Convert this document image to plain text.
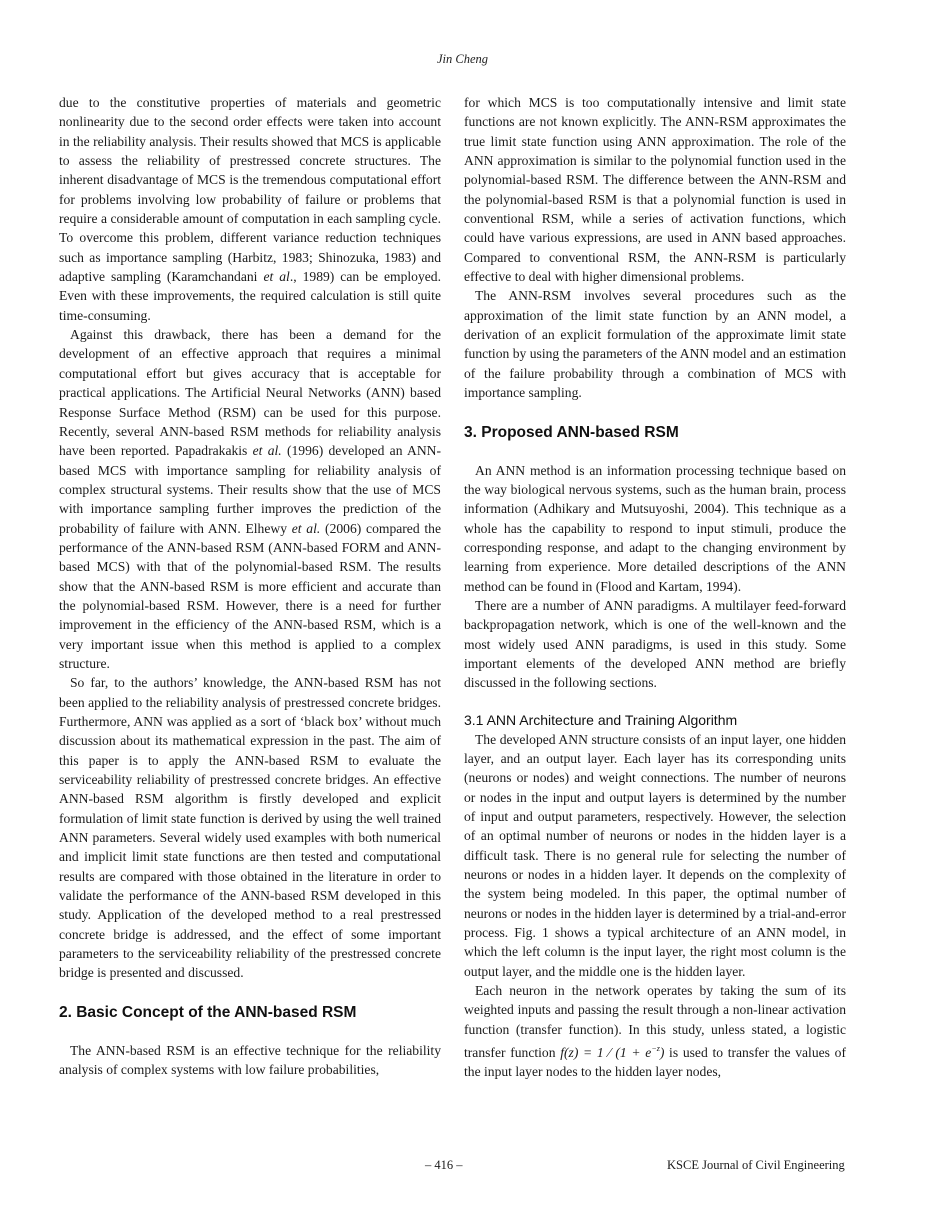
Jin Cheng

due to the constitutive properties of materials and geometric nonlinearity due to the second order effects were taken into account in the reliability analysis. Their results showed that MCS is applicable to assess the reliability of prestressed concrete structures. The inherent disadvantage of MCS is the tremendous computational effort for problems involving low probability of failure or problems that require a considerable amount of computation in each sampling cycle. To overcome this problem, different variance reduction techniques such as importance sampling (Harbitz, 1983; Shinozuka, 1983) and adaptive sampling (Karamchandani et al., 1989) can be employed. Even with these improvements, the required calculation is still quite time-consuming.

Against this drawback, there has been a demand for the development of an effective approach that requires a minimal computational effort but gives accuracy that is acceptable for practical applications. The Artificial Neural Networks (ANN) based Response Surface Method (RSM) can be used for this purpose. Recently, several ANN-based RSM methods for reliability analysis have been reported. Papadrakakis et al. (1996) developed an ANN-based MCS with importance sampling for reliability analysis of complex structural systems. Their results show that the use of MCS with importance sampling further improves the prediction of the probability of failure with ANN. Elhewy et al. (2006) compared the performance of the ANN-based RSM (ANN-based FORM and ANN-based MCS) with that of the polynomial-based RSM. The results show that the ANN-based RSM is more efficient and accurate than the polynomial-based RSM. However, there is a need for further improvement in the efficiency of the ANN-based RSM, which is a very important issue when this method is applied to a complex structure.

So far, to the authors’ knowledge, the ANN-based RSM has not been applied to the reliability analysis of prestressed concrete bridges. Furthermore, ANN was applied as a sort of ‘black box’ without much discussion about its mathematical expression in the past. The aim of this paper is to apply the ANN-based RSM to evaluate the serviceability reliability of prestressed concrete bridges. An effective ANN-based RSM algorithm is firstly developed and explicit formulation of limit state function is derived by using the well trained ANN parameters. Several widely used examples with both numerical and implicit limit state functions are then tested and computational results are compared with those obtained in the literature in order to validate the performance of the ANN-based RSM developed in this study. Application of the developed method to a real prestressed concrete bridge is addressed, and the effect of some important parameters to the serviceability reliability of the prestressed concrete bridge is presented and discussed.

2. Basic Concept of the ANN-based RSM

The ANN-based RSM is an effective technique for the reliability analysis of complex systems with low failure probabilities,

for which MCS is too computationally intensive and limit state functions are not known explicitly. The ANN-RSM approximates the true limit state function using ANN approximation. The role of the ANN approximation is similar to the polynomial function used in the polynomial-based RSM. The difference between the ANN-RSM and the polynomial-based RSM is that a polynomial function is used in conventional RSM, while a series of activation functions, which could have various expressions, are used in ANN based approaches. Compared to conventional RSM, the ANN-RSM is particularly effective to deal with higher dimensional problems.

The ANN-RSM involves several procedures such as the approximation of the limit state function by an ANN model, a derivation of an explicit formulation of the approximate limit state function by using the parameters of the ANN model and an estimation of the failure probability through a combination of MCS with importance sampling.

3. Proposed ANN-based RSM

An ANN method is an information processing technique based on the way biological nervous systems, such as the human brain, process information (Adhikary and Mutsuyoshi, 2004). This technique as a whole has the capability to respond to input stimuli, produce the corresponding response, and adapt to the changing environment by learning from experience. More detailed descriptions of the ANN method can be found in (Flood and Kartam, 1994).

There are a number of ANN paradigms. A multilayer feed-forward backpropagation network, which is one of the well-known and the most widely used ANN paradigms, is used in this study. Some important elements of the developed ANN method are briefly discussed in the following sections.

3.1 ANN Architecture and Training Algorithm

The developed ANN structure consists of an input layer, one hidden layer, and an output layer. Each layer has its corresponding units (neurons or nodes) and weight connections. The number of neurons or nodes in the input and output layers is determined by the number of input and output parameters, respectively. However, the selection of an optimal number of neurons or nodes in the hidden layer is a difficult task. There is no general rule for selecting the number of neurons or nodes in a hidden layer. It depends on the complexity of the system being modeled. In this paper, the optimal number of neurons or nodes in the hidden layer is determined by a trial-and-error process. Fig. 1 shows a typical architecture of an ANN model, in which the left column is the input layer, the right most column is the output layer, and the middle one is the hidden layer.

Each neuron in the network operates by taking the sum of its weighted inputs and passing the result through a non-linear activation function (transfer function). In this study, unless stated, a logistic transfer function f(z) = 1 ⁄ $(1 + e^{-z})$ is used to transfer the values of the input layer nodes to the hidden layer nodes,

– 416 –	KSCE Journal of Civil Engineering
